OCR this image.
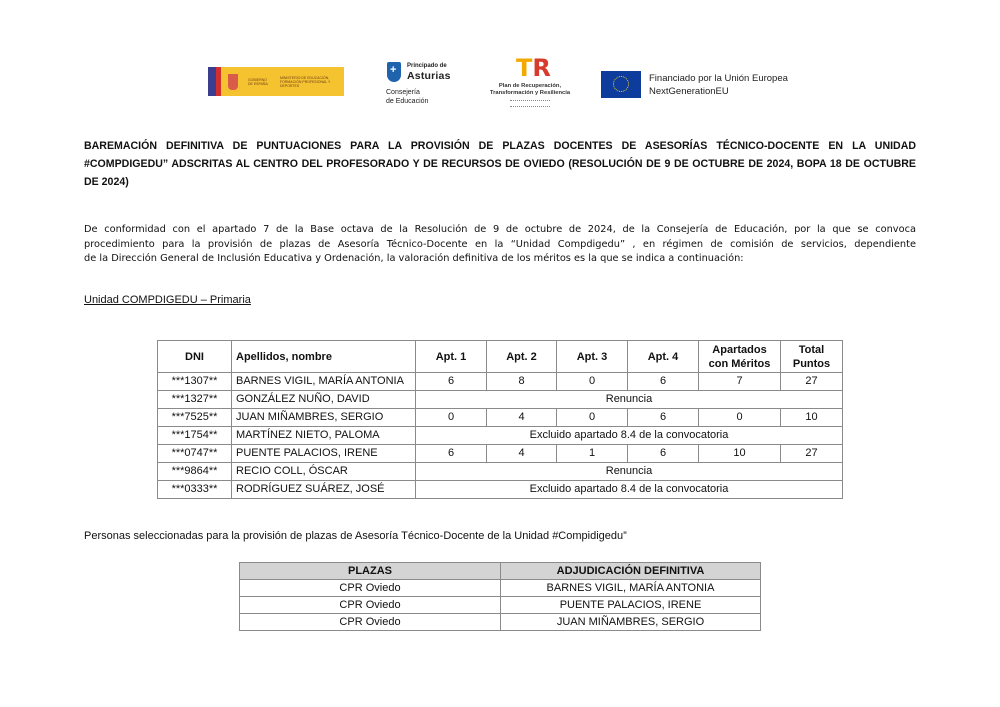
GOBIERNO DE ESPAÑA
MINISTERIO DE EDUCACIÓN, FORMACIÓN PROFESIONAL Y DEPORTES
+
Principado de
Asturias
Consejería
de Educación
TR
Plan de Recuperación,
Transformación y Resiliencia
Financiado por la Unión Europea
NextGenerationEU
BAREMACIÓN DEFINITIVA DE PUNTUACIONES PARA LA PROVISIÓN DE PLAZAS DOCENTES DE ASESORÍAS TÉCNICO-DOCENTE EN LA UNIDAD
#COMPDIGEDU” ADSCRITAS AL CENTRO DEL PROFESORADO Y DE RECURSOS DE OVIEDO (RESOLUCIÓN DE 9 DE OCTUBRE DE 2024, BOPA 18 DE OCTUBRE
DE 2024)
De conformidad con el apartado 7 de la Base octava de la Resolución de 9 de octubre de 2024, de la Consejería de Educación, por la que se convoca
procedimiento para la provisión de plazas de Asesoría Técnico-Docente en la “Unidad Compdigedu” , en régimen de comisión de servicios, dependiente
de la Dirección General de Inclusión Educativa y Ordenación, la valoración definitiva de los méritos es la que se indica a continuación:
Unidad COMPDIGEDU – Primaria
DNI	Apellidos, nombre	Apt. 1	Apt. 2	Apt. 3	Apt. 4	Apartados
con Méritos	Total
Puntos
***1307**	BARNES VIGIL, MARÍA ANTONIA	6	8	0	6	7	27
***1327**	GONZÁLEZ NUÑO, DAVID	Renuncia					
***7525**	JUAN MIÑAMBRES, SERGIO	0	4	0	6	0	10
***1754**	MARTÍNEZ NIETO, PALOMA	Excluido apartado 8.4 de la convocatoria					
***0747**	PUENTE PALACIOS, IRENE	6	4	1	6	10	27
***9864**	RECIO COLL, ÓSCAR	Renuncia					
***0333**	RODRÍGUEZ SUÁREZ, JOSÉ	Excluido apartado 8.4 de la convocatoria					
Personas seleccionadas para la provisión de plazas de Asesoría Técnico-Docente de la Unidad #Compidigedu”
PLAZAS	ADJUDICACIÓN DEFINITIVA
CPR Oviedo	BARNES VIGIL, MARÍA ANTONIA
CPR Oviedo	PUENTE PALACIOS, IRENE
CPR Oviedo	JUAN MIÑAMBRES, SERGIO
